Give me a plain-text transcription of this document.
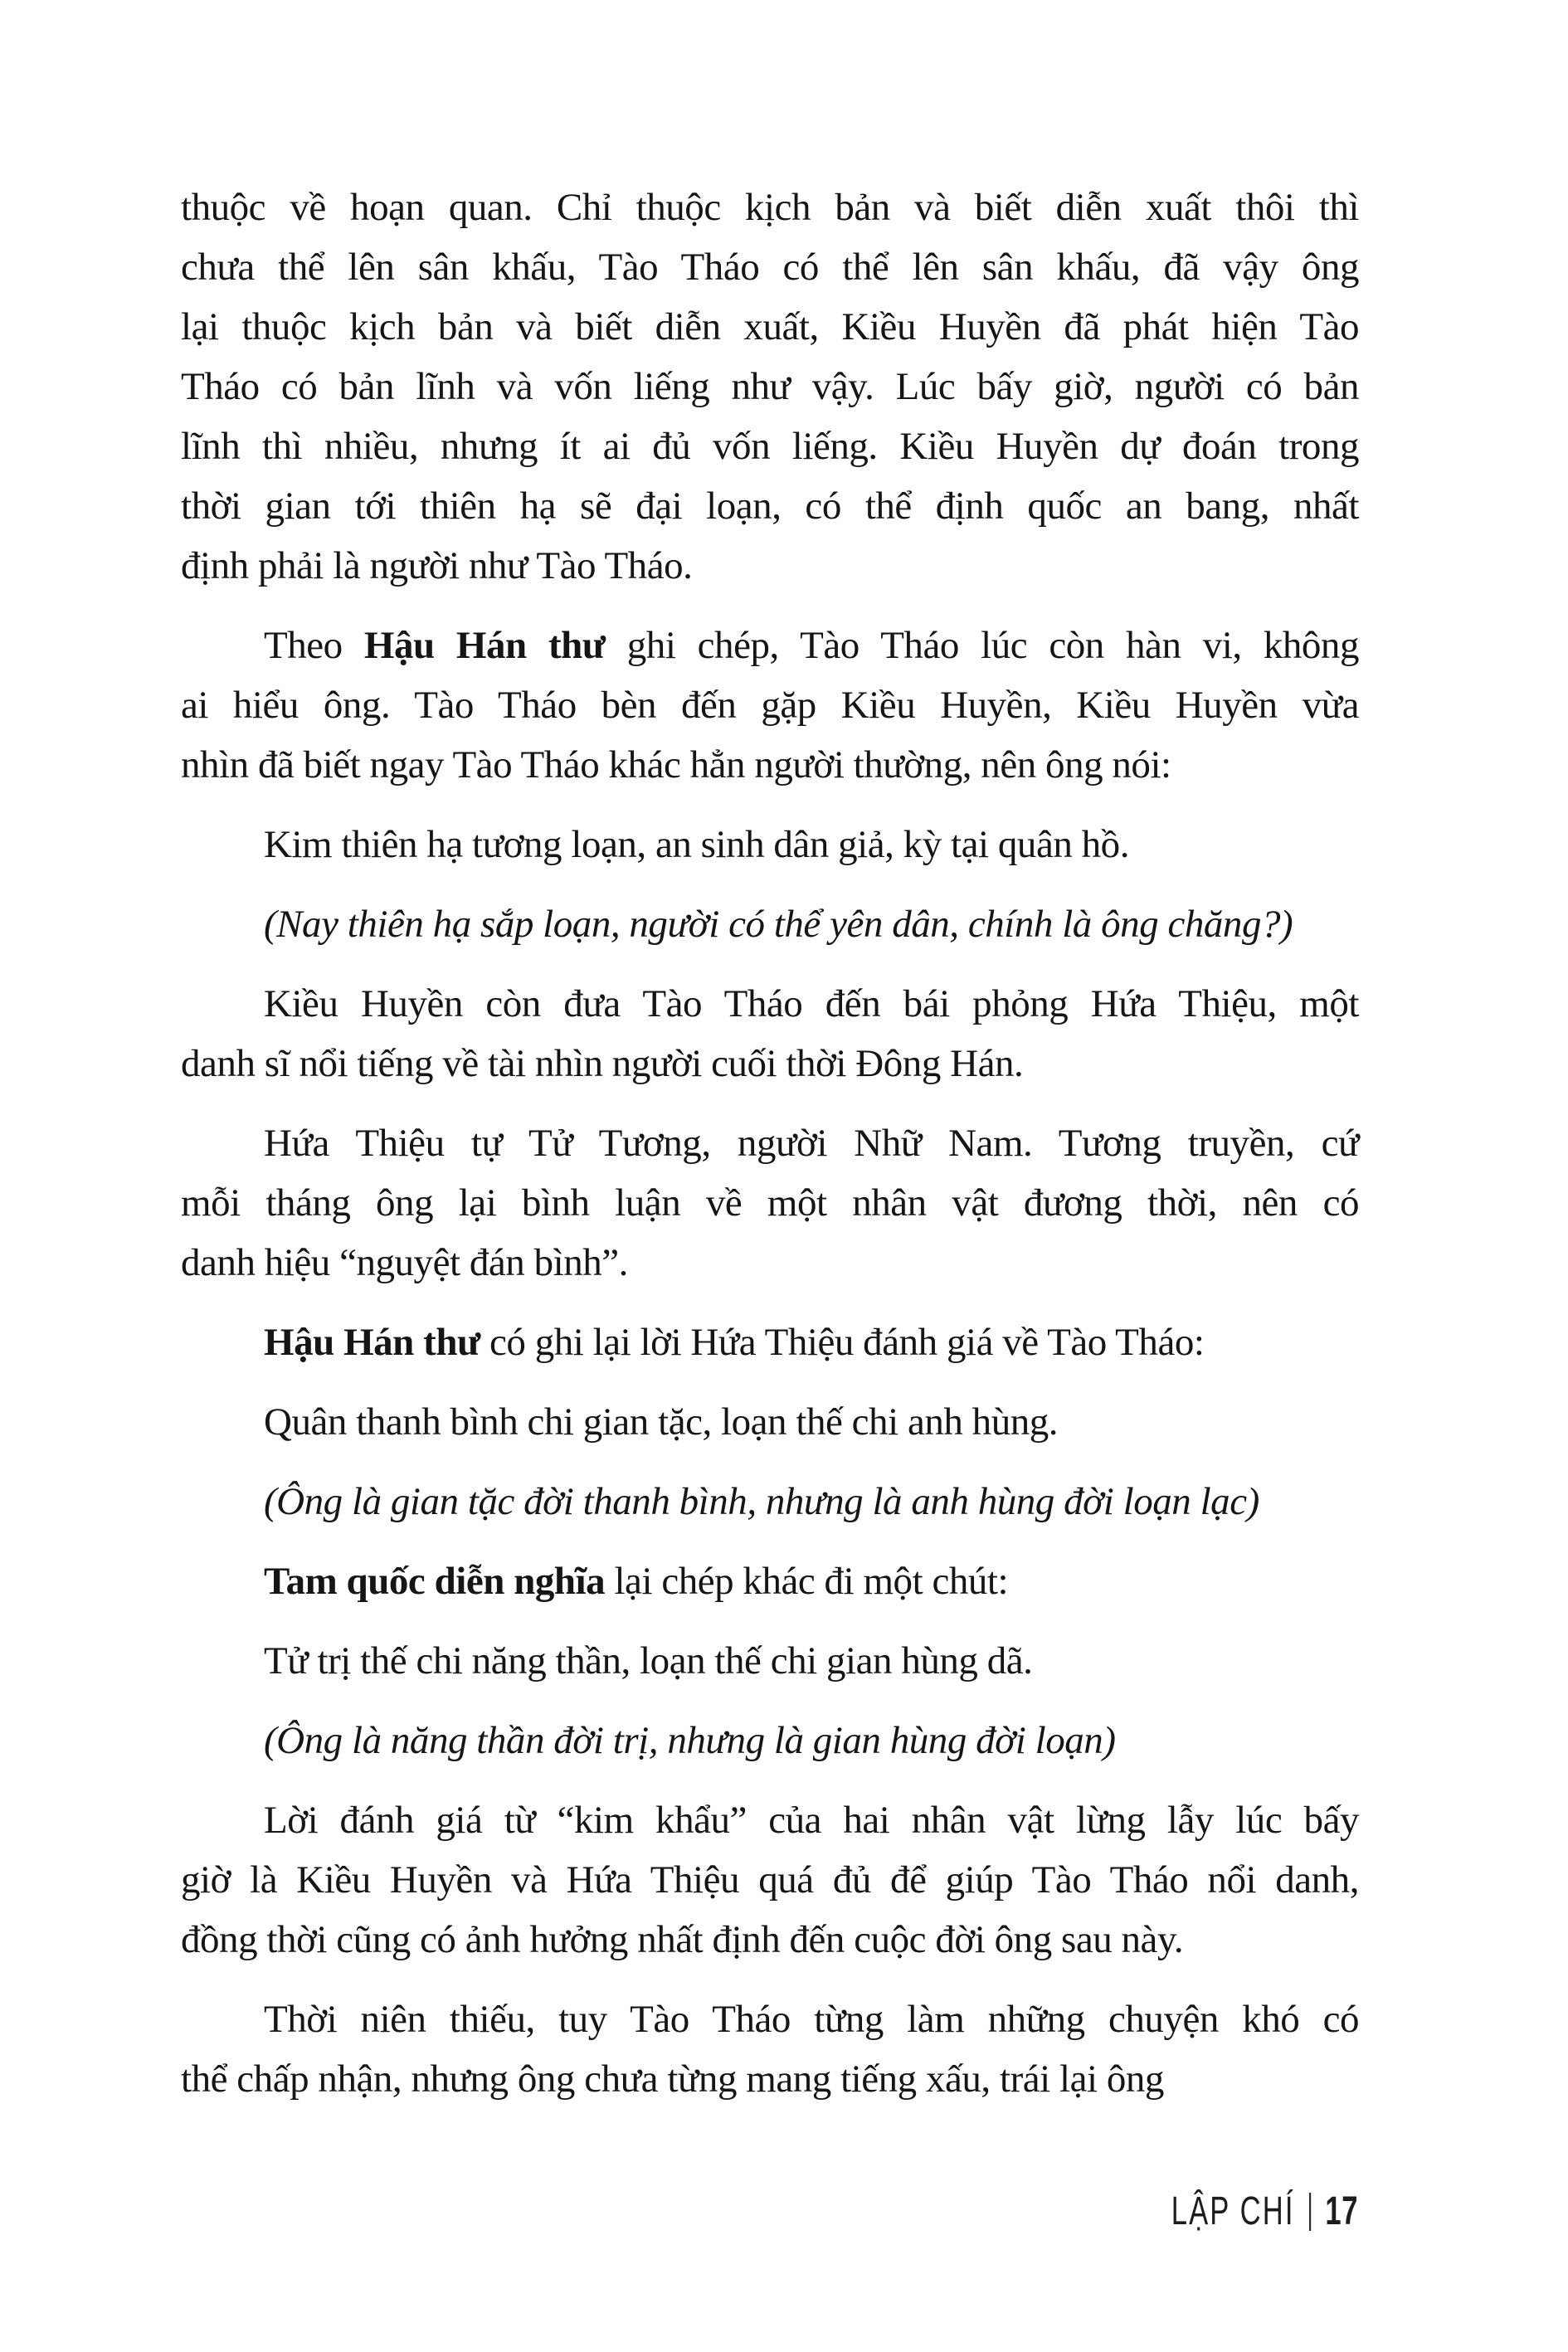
thuộc về hoạn quan. Chỉ thuộc kịch bản và biết diễn xuất thôi thì
chưa thể lên sân khấu, Tào Tháo có thể lên sân khấu, đã vậy ông
lại thuộc kịch bản và biết diễn xuất, Kiều Huyền đã phát hiện Tào
Tháo có bản lĩnh và vốn liếng như vậy. Lúc bấy giờ, người có bản
lĩnh thì nhiều, nhưng ít ai đủ vốn liếng. Kiều Huyền dự đoán trong
thời gian tới thiên hạ sẽ đại loạn, có thể định quốc an bang, nhất
định phải là người như Tào Tháo.
Theo Hậu Hán thư ghi chép, Tào Tháo lúc còn hàn vi, không
ai hiểu ông. Tào Tháo bèn đến gặp Kiều Huyền, Kiều Huyền vừa
nhìn đã biết ngay Tào Tháo khác hẳn người thường, nên ông nói:
Kim thiên hạ tương loạn, an sinh dân giả, kỳ tại quân hồ.
(Nay thiên hạ sắp loạn, người có thể yên dân, chính là ông chăng?)
Kiều Huyền còn đưa Tào Tháo đến bái phỏng Hứa Thiệu, một
danh sĩ nổi tiếng về tài nhìn người cuối thời Đông Hán.
Hứa Thiệu tự Tử Tương, người Nhữ Nam. Tương truyền, cứ
mỗi tháng ông lại bình luận về một nhân vật đương thời, nên có
danh hiệu “nguyệt đán bình”.
Hậu Hán thư có ghi lại lời Hứa Thiệu đánh giá về Tào Tháo:
Quân thanh bình chi gian tặc, loạn thế chi anh hùng.
(Ông là gian tặc đời thanh bình, nhưng là anh hùng đời loạn lạc)
Tam quốc diễn nghĩa lại chép khác đi một chút:
Tử trị thế chi năng thần, loạn thế chi gian hùng dã.
(Ông là năng thần đời trị, nhưng là gian hùng đời loạn)
Lời đánh giá từ “kim khẩu” của hai nhân vật lừng lẫy lúc bấy
giờ là Kiều Huyền và Hứa Thiệu quá đủ để giúp Tào Tháo nổi danh,
đồng thời cũng có ảnh hưởng nhất định đến cuộc đời ông sau này.
Thời niên thiếu, tuy Tào Tháo từng làm những chuyện khó có
thể chấp nhận, nhưng ông chưa từng mang tiếng xấu, trái lại ông
LẬP CHÍ 17
